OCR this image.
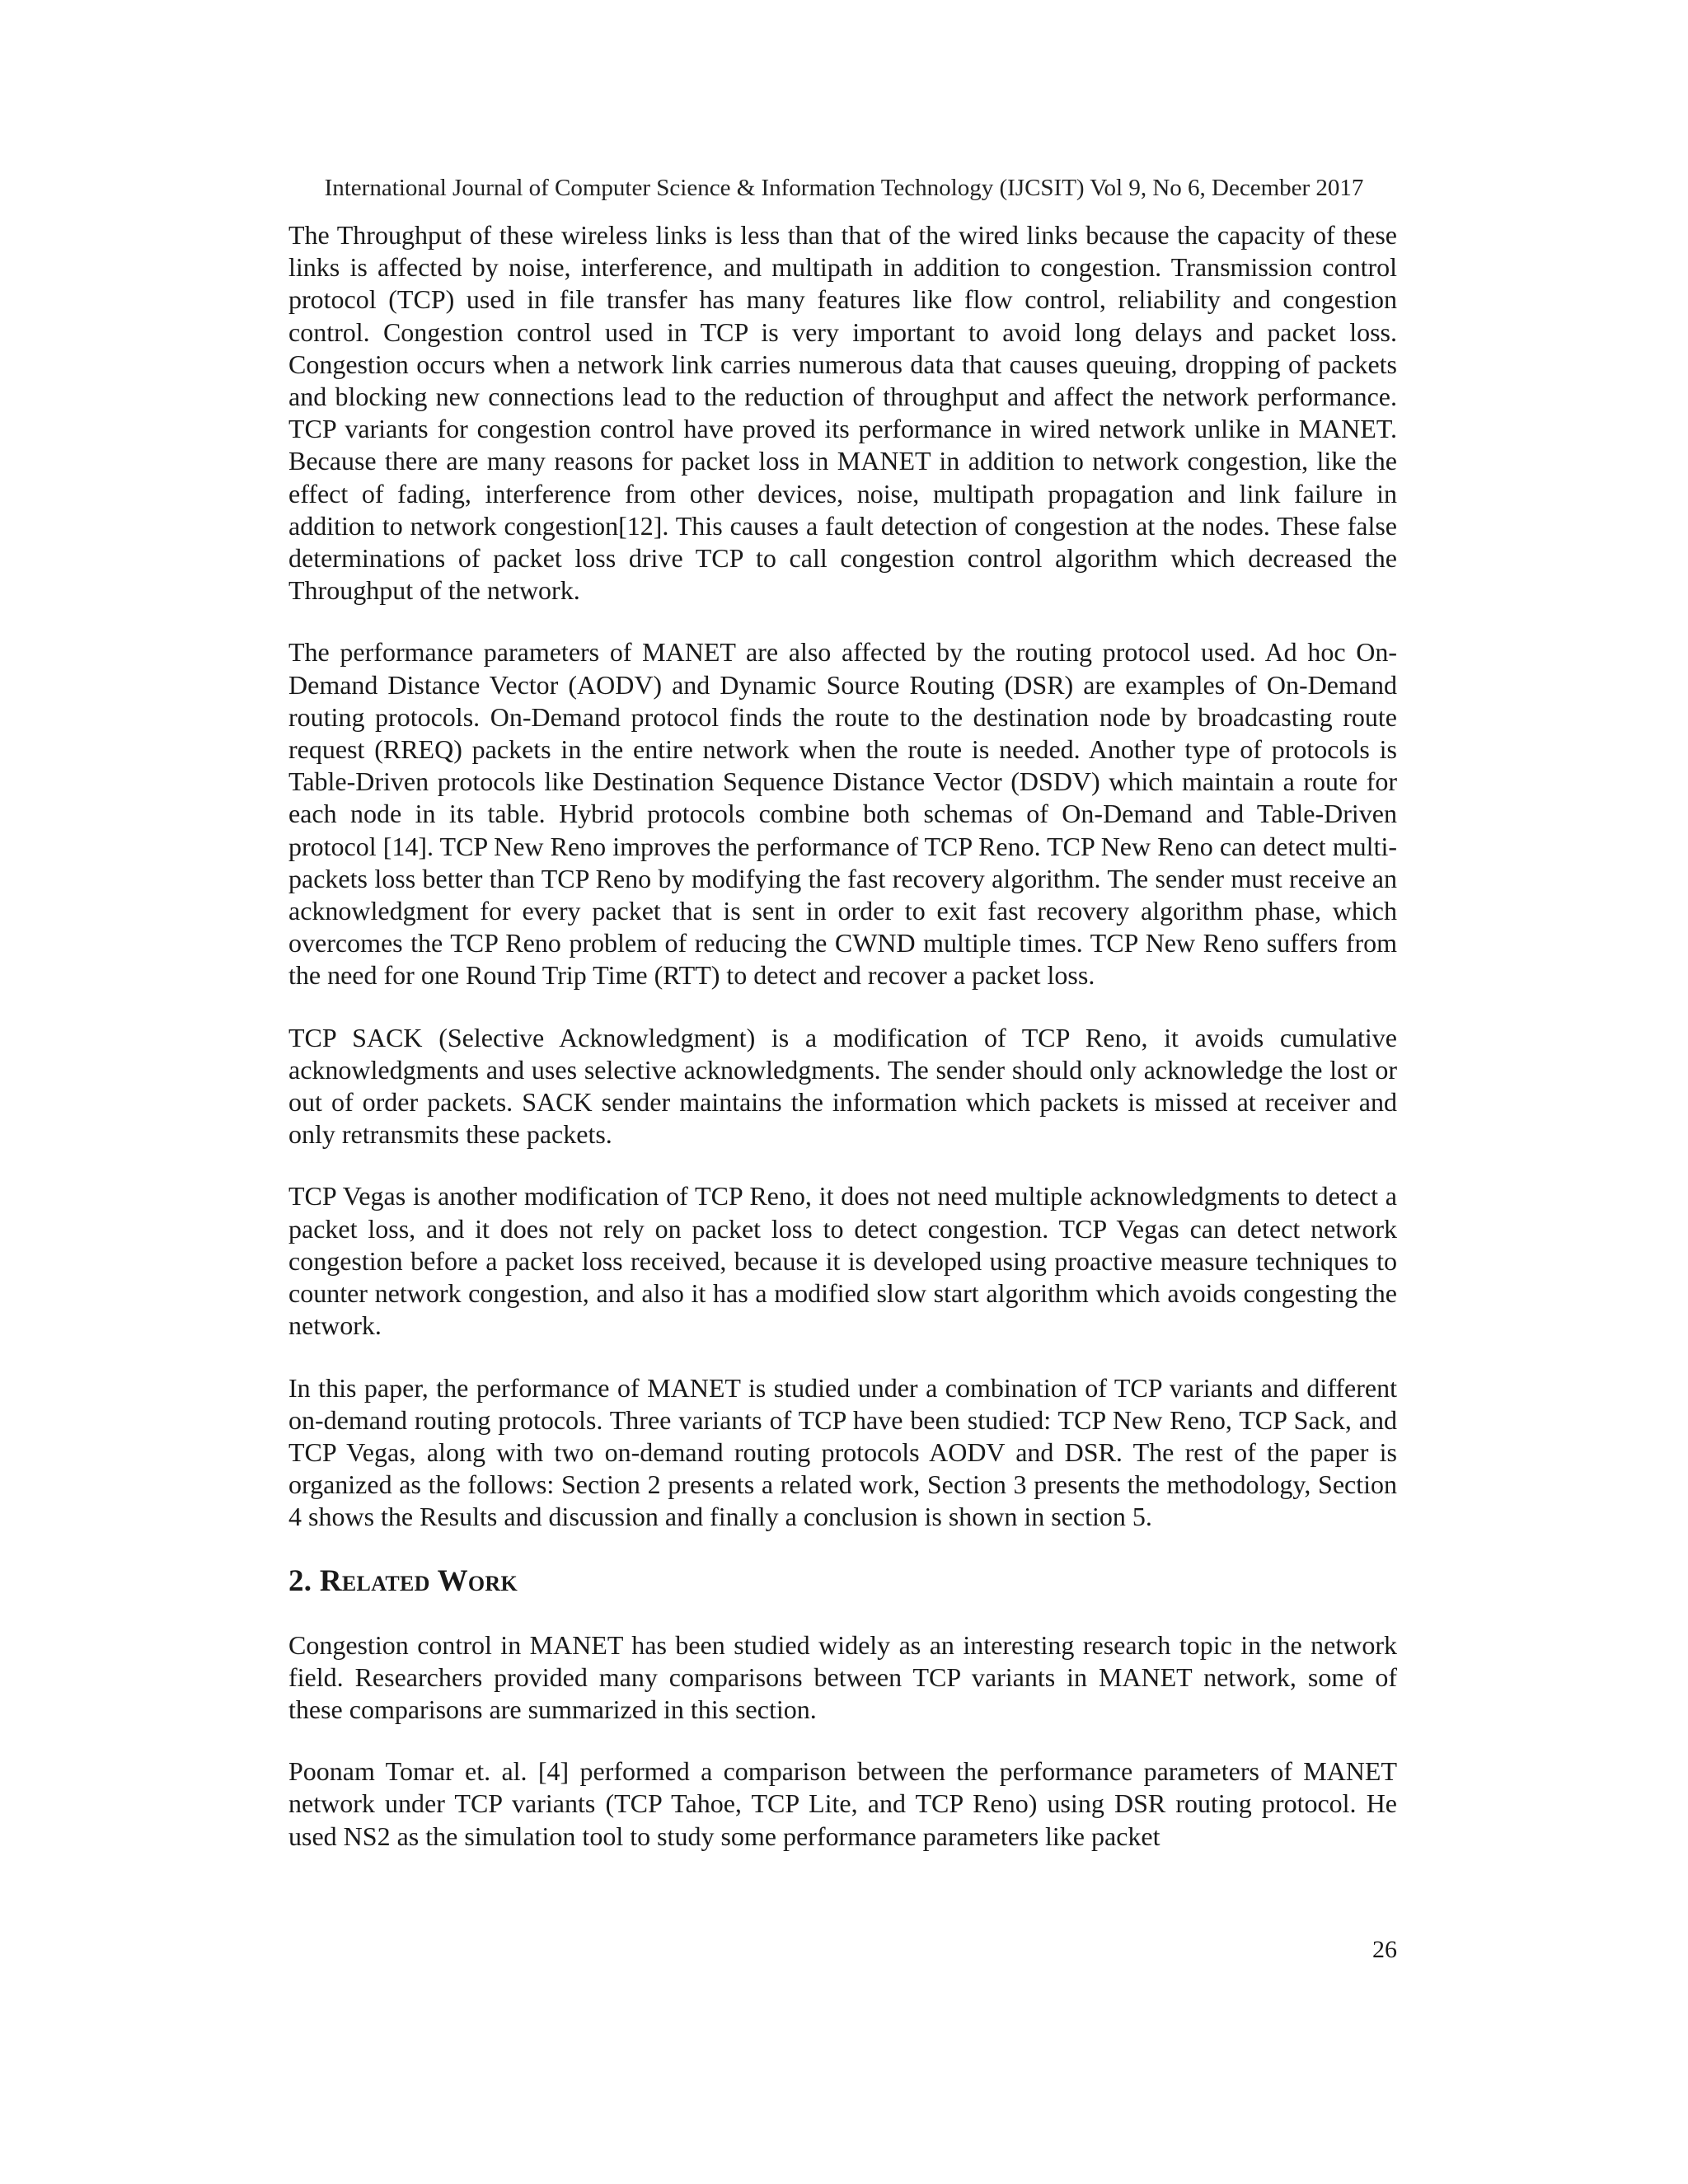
International Journal of Computer Science & Information Technology (IJCSIT) Vol 9, No 6, December 2017

The Throughput of these wireless links is less than that of the wired links because the capacity of these links is affected by noise, interference, and multipath in addition to congestion. Transmission control protocol (TCP) used in file transfer has many features like flow control, reliability and congestion control. Congestion control used in TCP is very important to avoid long delays and packet loss. Congestion occurs when a network link carries numerous data that causes queuing, dropping of packets and blocking new connections lead to the reduction of throughput and affect the network performance. TCP variants for congestion control have proved its performance in wired network unlike in MANET. Because there are many reasons for packet loss in MANET in addition to network congestion, like the effect of fading, interference from other devices, noise, multipath propagation and link failure in addition to network congestion[12]. This causes a fault detection of congestion at the nodes. These false determinations of packet loss drive TCP to call congestion control algorithm which decreased the Throughput of the network.

The performance parameters of MANET are also affected by the routing protocol used. Ad hoc On-Demand Distance Vector (AODV) and Dynamic Source Routing (DSR) are examples of On-Demand routing protocols. On-Demand protocol finds the route to the destination node by broadcasting route request (RREQ) packets in the entire network when the route is needed. Another type of protocols is Table-Driven protocols like Destination Sequence Distance Vector (DSDV) which maintain a route for each node in its table. Hybrid protocols combine both schemas of On-Demand and Table-Driven protocol [14]. TCP New Reno improves the performance of TCP Reno. TCP New Reno can detect multi-packets loss better than TCP Reno by modifying the fast recovery algorithm. The sender must receive an acknowledgment for every packet that is sent in order to exit fast recovery algorithm phase, which overcomes the TCP Reno problem of reducing the CWND multiple times. TCP New Reno suffers from the need for one Round Trip Time (RTT) to detect and recover a packet loss.

TCP SACK (Selective Acknowledgment) is a modification of TCP Reno, it avoids cumulative acknowledgments and uses selective acknowledgments. The sender should only acknowledge the lost or out of order packets. SACK sender maintains the information which packets is missed at receiver and only retransmits these packets.

TCP Vegas is another modification of TCP Reno, it does not need multiple acknowledgments to detect a packet loss, and it does not rely on packet loss to detect congestion. TCP Vegas can detect network congestion before a packet loss received, because it is developed using proactive measure techniques to counter network congestion, and also it has a modified slow start algorithm which avoids congesting the network.

In this paper, the performance of MANET is studied under a combination of TCP variants and different on-demand routing protocols. Three variants of TCP have been studied: TCP New Reno, TCP Sack, and TCP Vegas, along with two on-demand routing protocols AODV and DSR. The rest of the paper is organized as the follows: Section 2 presents a related work, Section 3 presents the methodology, Section 4 shows the Results and discussion and finally a conclusion is shown in section 5.

2. Related Work

Congestion control in MANET has been studied widely as an interesting research topic in the network field. Researchers provided many comparisons between TCP variants in MANET network, some of these comparisons are summarized in this section.

Poonam Tomar et. al. [4] performed a comparison between the performance parameters of MANET network under TCP variants (TCP Tahoe, TCP Lite, and TCP Reno) using DSR routing protocol. He used NS2 as the simulation tool to study some performance parameters like packet

26
